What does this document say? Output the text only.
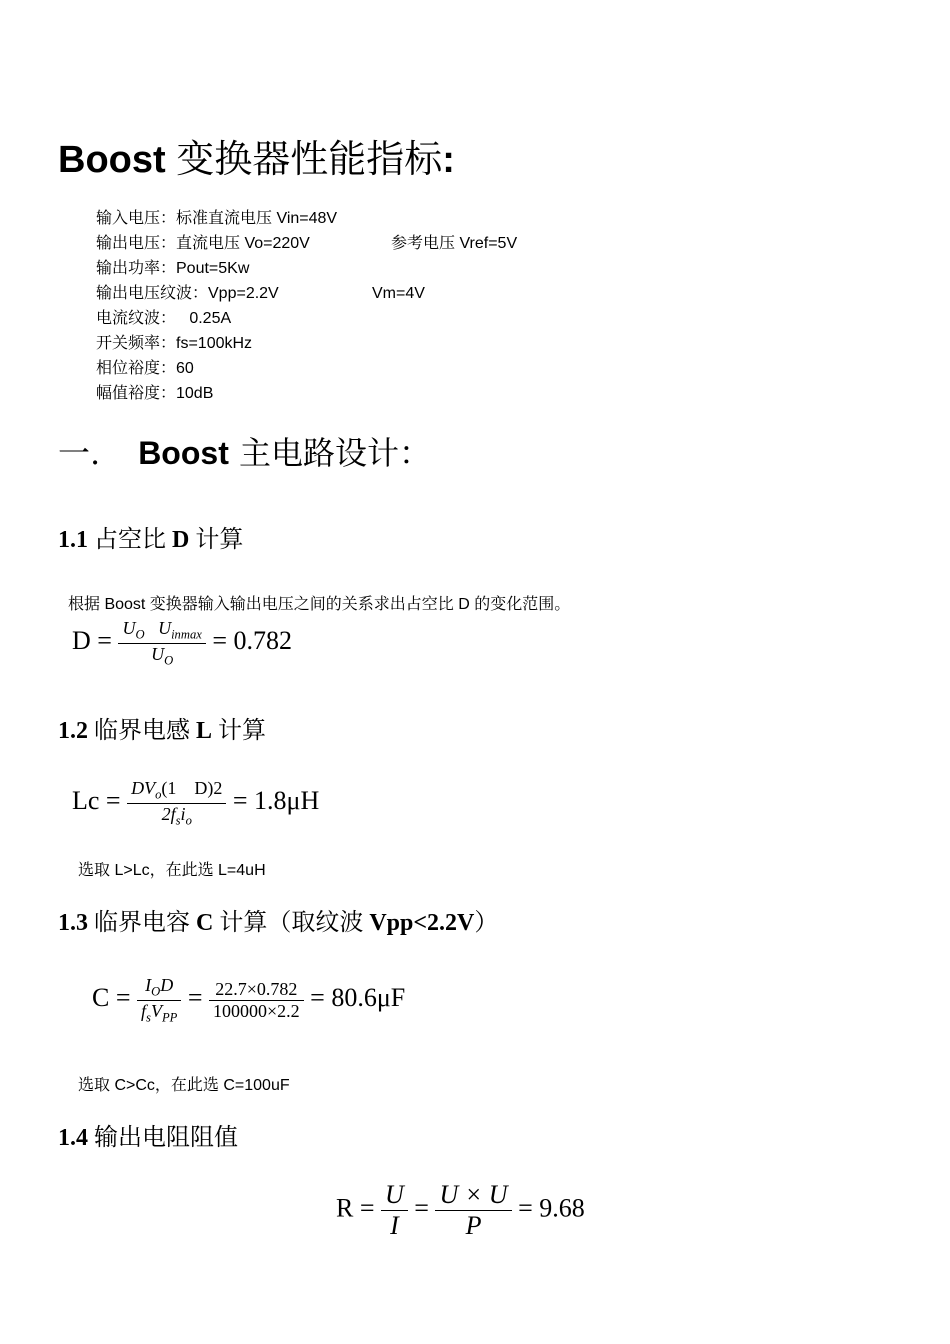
Boost 变换器性能指标:
输入电压：标准直流电压 Vin=48V
输出电压：直流电压 Vo=220V	参考电压 Vref=5V
输出功率：Pout=5Kw
输出电压纹波：Vpp=2.2V	Vm=4V
电流纹波：   0.25A
开关频率：fs=100kHz
相位裕度：60
幅值裕度：10dB
一. Boost 主电路设计：
1.1 占空比 D 计算
根据 Boost 变换器输入输出电压之间的关系求出占空比 D 的变化范围。
$D = \frac{U_O U_{inmax}}{U_O} = 0.782$
1.2 临界电感 L 计算
$Lc = \frac{DV_o(1 D)2}{2f_si_o} = 1.8\mu H$
选取 L>Lc，在此选 L=4uH
1.3 临界电容 C 计算（取纹波 Vpp<2.2V）
$C = \frac{I_OD}{f_sV_{PP}} = \frac{22.7\times 0.782}{100000\times 2.2} = 80.6\mu F$
选取 C>Cc，在此选 C=100uF
1.4 输出电阻阻值
$R = \frac{U}{I} = \frac{U \times U}{P} = 9.68$
